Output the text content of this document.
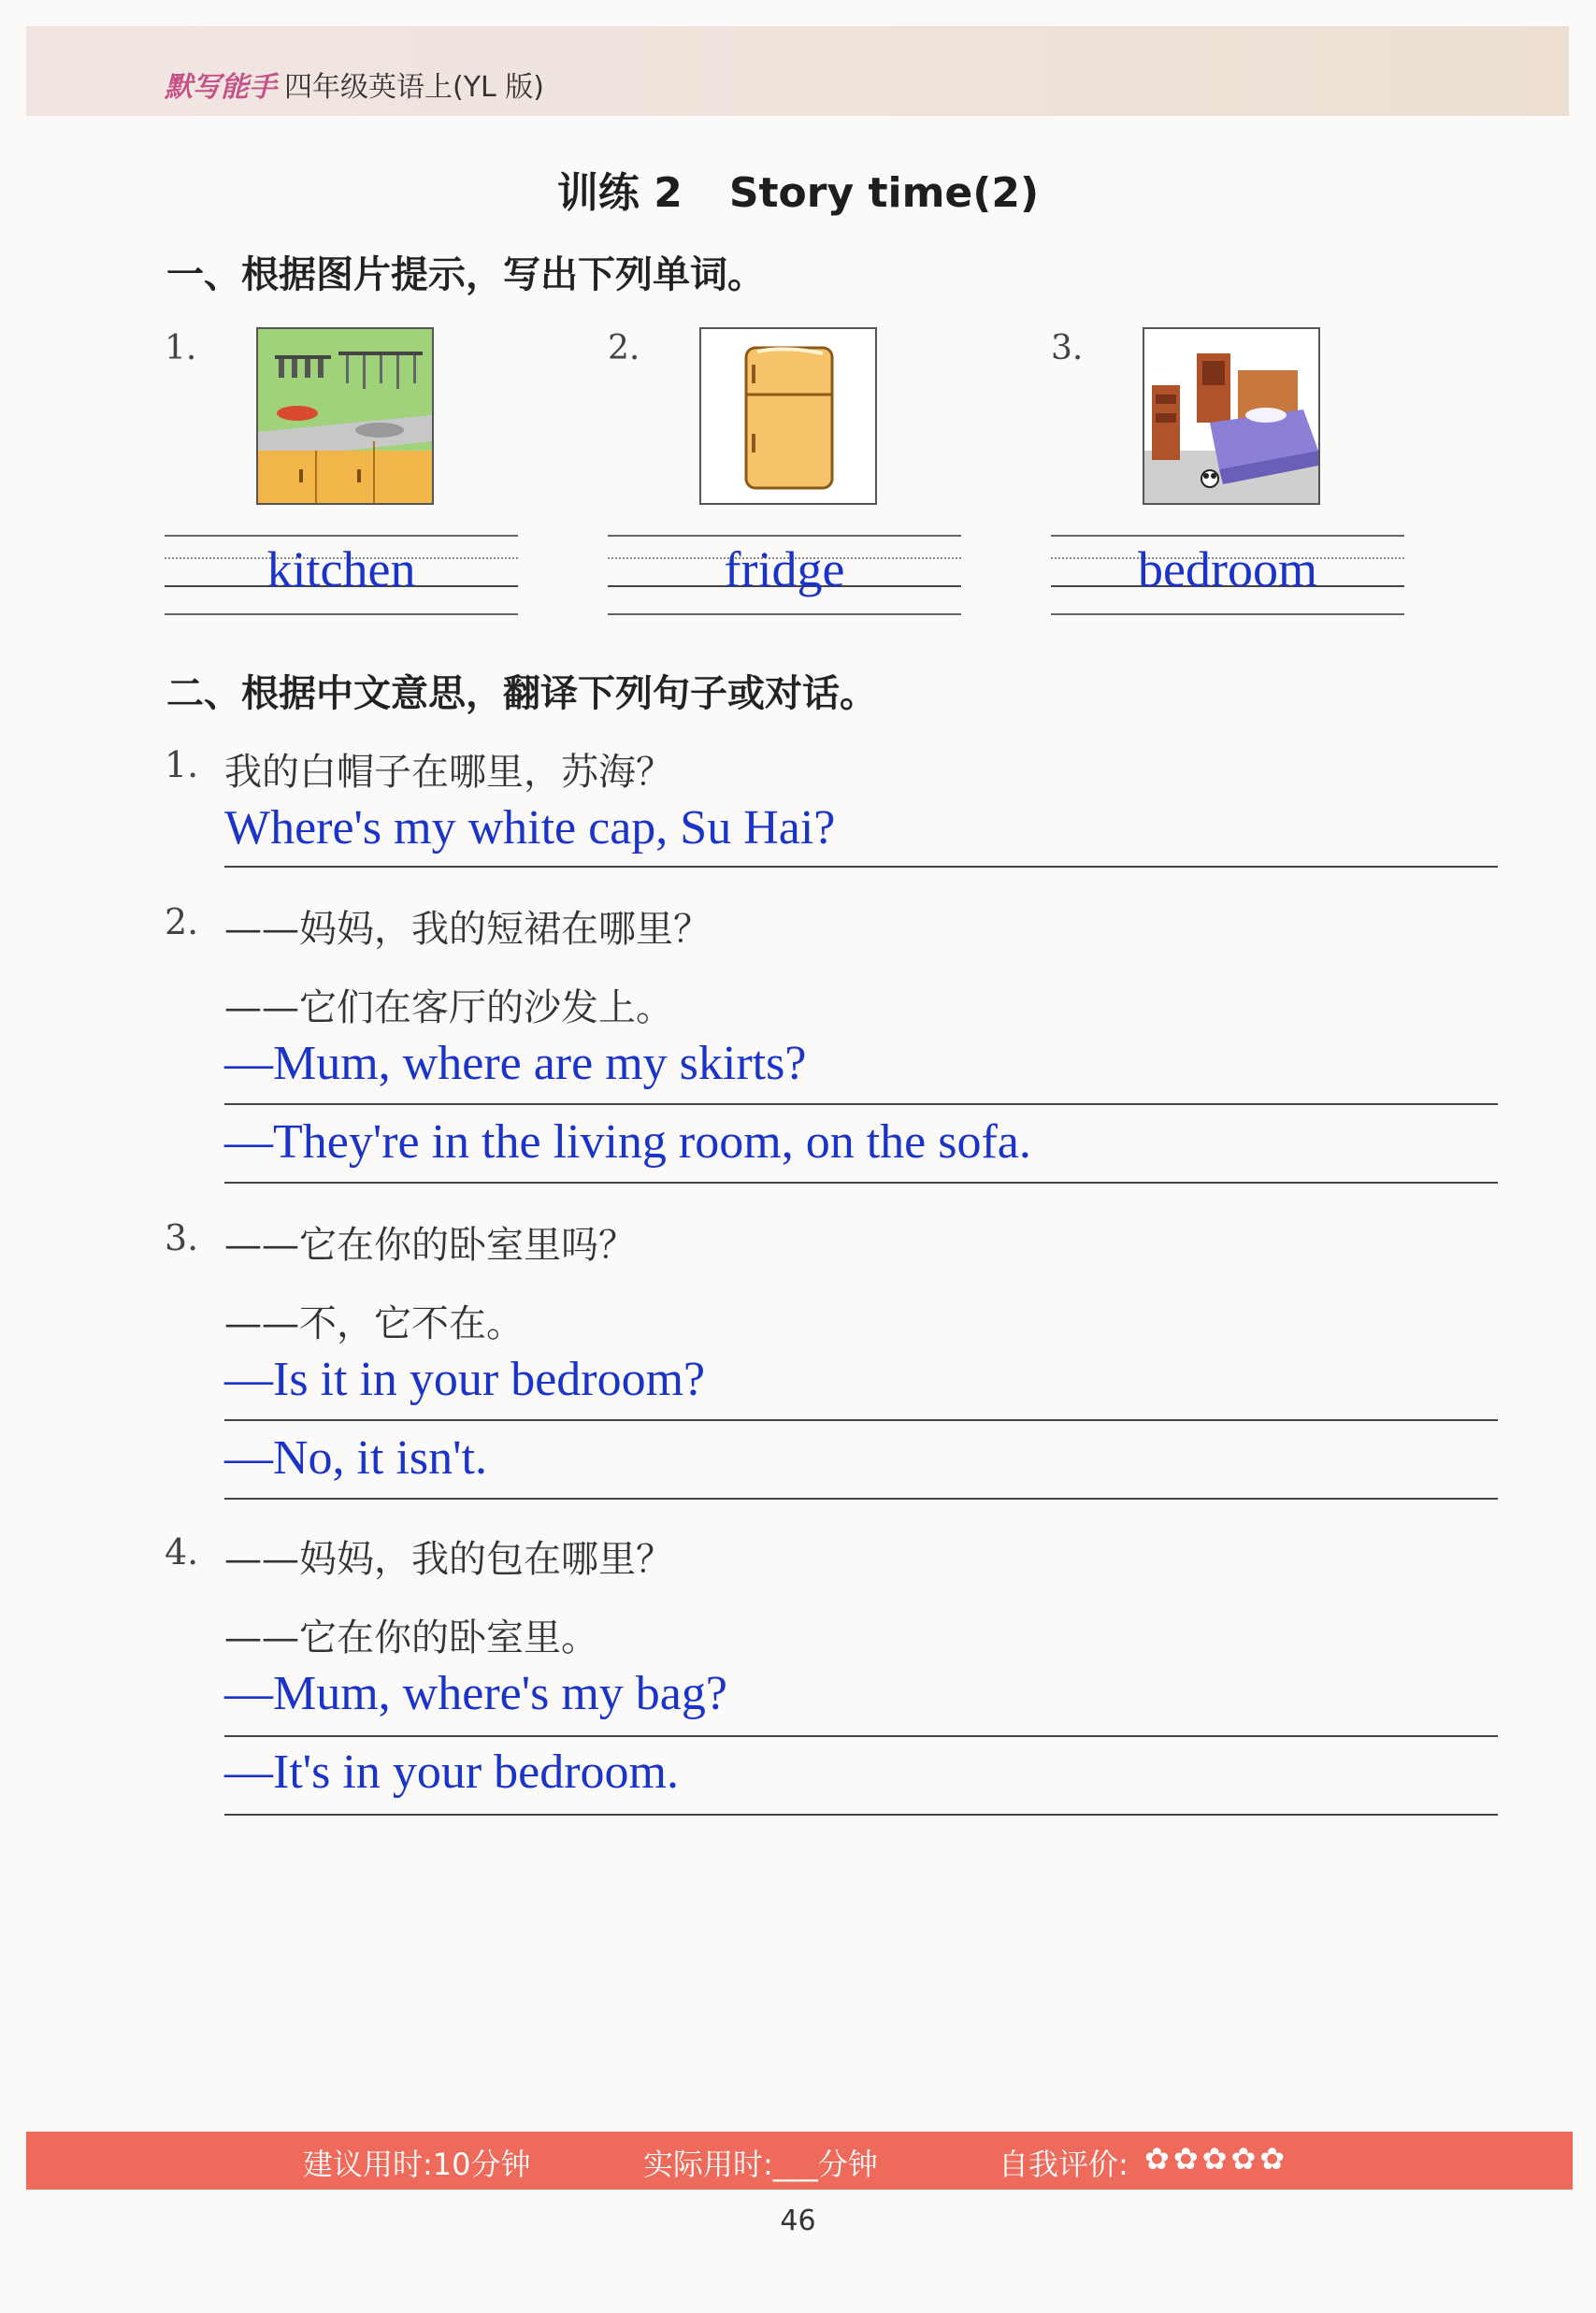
默写能手 四年级英语上(YL 版)
训练 2 Story time(2)
一、根据图片提示，写出下列单词。
1.
kitchen
2.
fridge
3.
bedroom
二、根据中文意思，翻译下列句子或对话。
1. 我的白帽子在哪里，苏海？
Where's my white cap, Su Hai?
2. ——妈妈，我的短裙在哪里？
——它们在客厅的沙发上。
—Mum, where are my skirts?
—They're in the living room, on the sofa.
3. ——它在你的卧室里吗？
——不，它不在。
—Is it in your bedroom?
—No, it isn't.
4. ——妈妈，我的包在哪里？
——它在你的卧室里。
—Mum, where's my bag?
—It's in your bedroom.
建议用时:10分钟	实际用时:___分钟	自我评价: ✿✿✿✿✿
46
